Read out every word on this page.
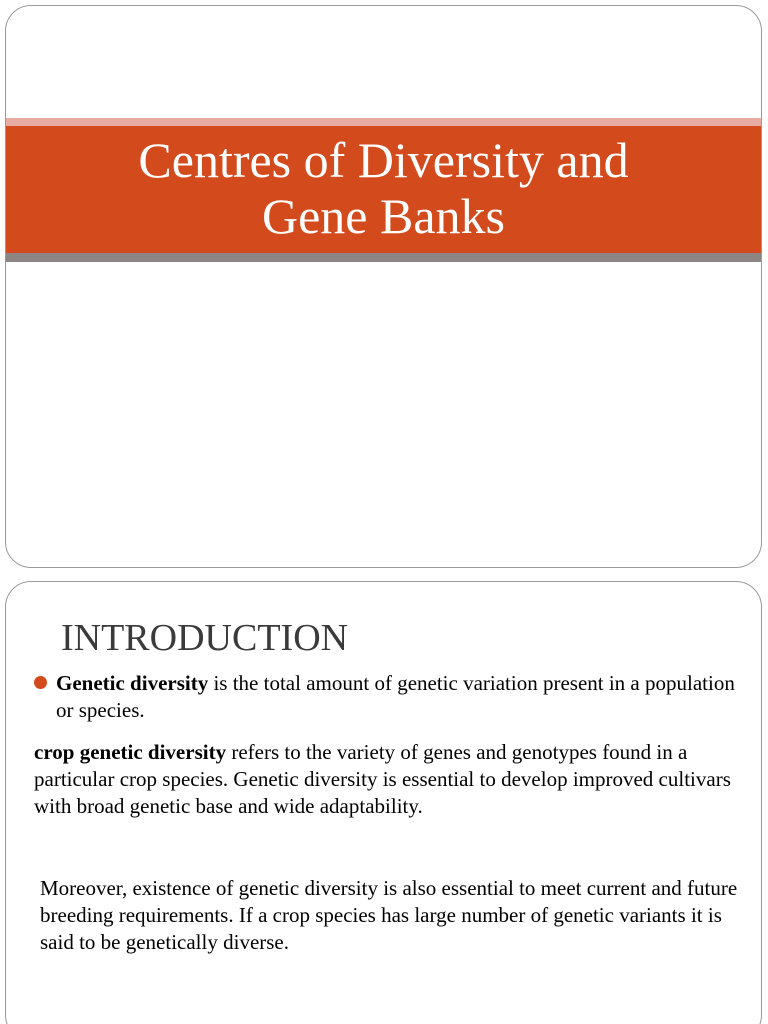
Centres of Diversity and
Gene Banks
INTRODUCTION
Genetic diversity is the total amount of genetic variation present in a population or species.

crop genetic diversity refers to the variety of genes and genotypes found in a particular crop species. Genetic diversity is essential to develop improved cultivars with broad genetic base and wide adaptability.

Moreover, existence of genetic diversity is also essential to meet current and future breeding requirements. If a crop species has large number of genetic variants it is said to be genetically diverse.
